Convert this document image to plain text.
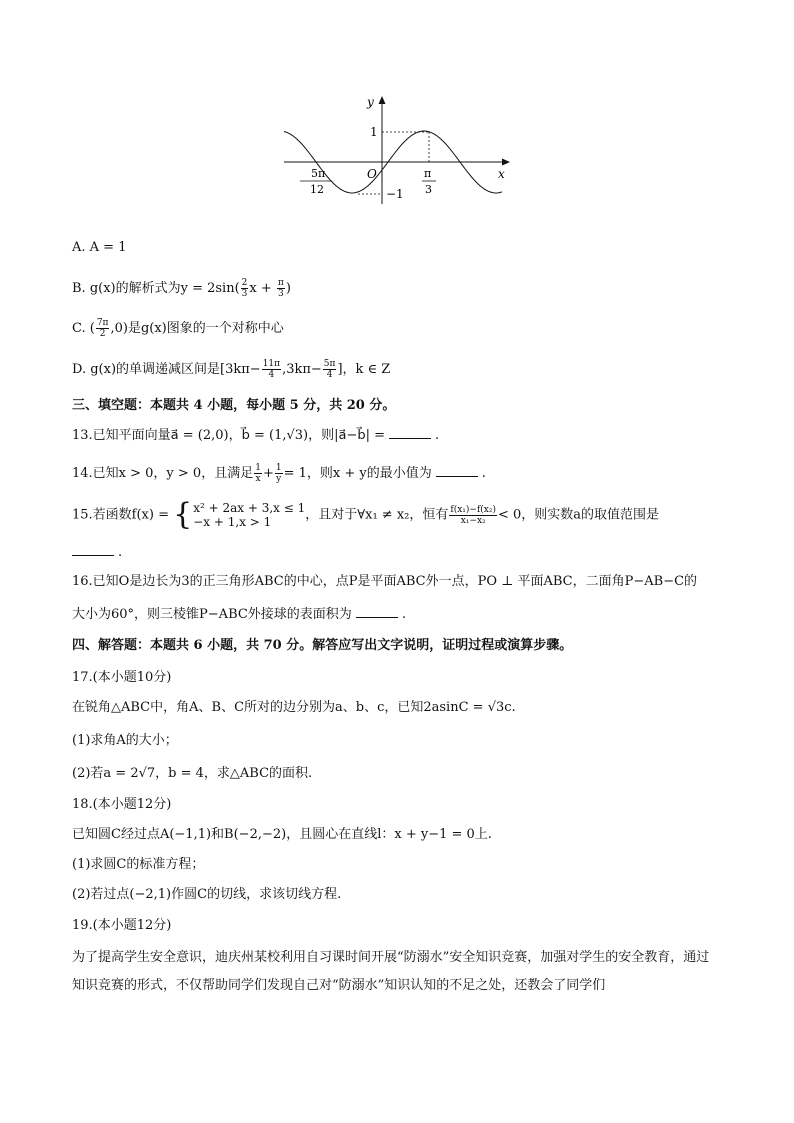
y
x
O
1
−1
5π
12
π
3
A. A = 1
B. g(x)的解析式为$y = 2\sin( \frac{2}{3}$ $x + \frac{\pi}{3}$ )
C. ( $\frac{7\pi}{2} ,0$)是g(x)图象的一个对称中心
D. g(x)的单调递减区间是[$3k\pi- \frac{11\pi}{4} ,3k\pi- \frac{5\pi}{4}$ ]，k ∈ Z
三、填空题：本题共 4 小题，每小题 5 分，共 20 分。
13.已知平面向量a⃗ = (2,0)，b⃗ = (1,√3)，则|a⃗−b⃗| =	.
14.已知x > 0，y > 0，且满足 $\frac{1}{x} + \frac{1}{y} = 1$，则x + y的最小值为	.
15.若函数f(x) = { x² + 2ax + 3,x ≤ 1
−x + 1,x > 1	，且对于∀x₁ ≠ x₂，恒有 $\frac{\text{f(x₁)−f(x₂)}}{\text{x₁−x₂}} < 0$，则实数a的取值范围是
.
16.已知O是边长为3的正三角形ABC的中心，点P是平面ABC外一点，PO ⊥ 平面ABC，二面角P−AB−C的
大小为60°，则三棱锥P−ABC外接球的表面积为	.
四、解答题：本题共 6 小题，共 70 分。解答应写出文字说明，证明过程或演算步骤。
17.(本小题10分)
在锐角△ABC中，角A、B、C所对的边分别为a、b、c，已知2asinC = √3c.
(1)求角A的大小；
(2)若a = 2√7，b = 4，求△ABC的面积.
18.(本小题12分)
已知圆C经过点A(−1,1)和B(−2,−2)，且圆心在直线l：x + y−1 = 0上.
(1)求圆C的标准方程；
(2)若过点(−2,1)作圆C的切线，求该切线方程.
19.(本小题12分)
为了提高学生安全意识，迪庆州某校利用自习课时间开展“防溺水”安全知识竞赛，加强对学生的安全教育，通过知识竞赛的形式，不仅帮助同学们发现自己对“防溺水”知识认知的不足之处，还教会了同学们
